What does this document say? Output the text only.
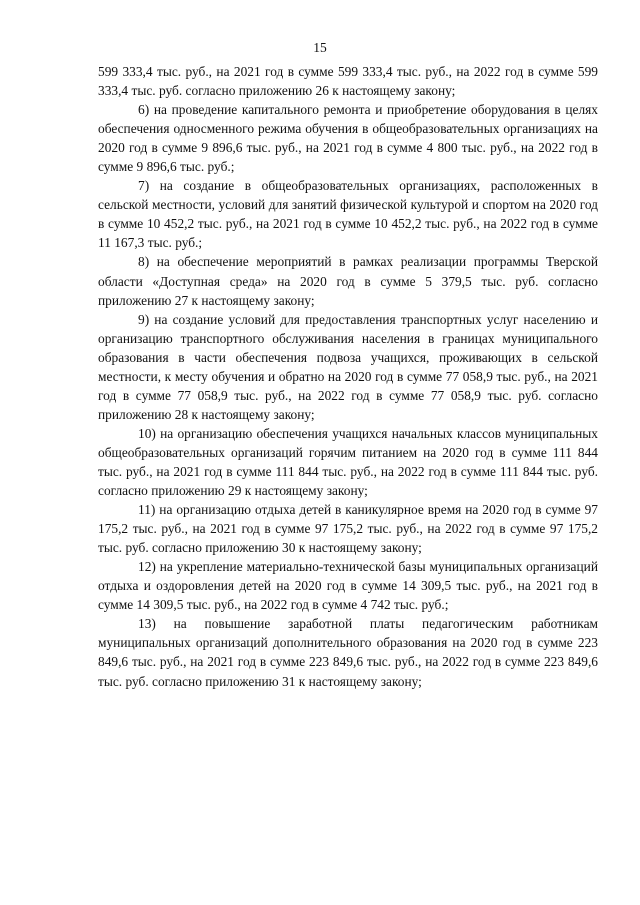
15

599 333,4 тыс. руб., на 2021 год в сумме 599 333,4 тыс. руб., на 2022 год в сумме 599 333,4 тыс. руб. согласно приложению 26 к настоящему закону;

6) на проведение капитального ремонта и приобретение оборудования в целях обеспечения односменного режима обучения в общеобразовательных организациях на 2020 год в сумме 9 896,6 тыс. руб., на 2021 год в сумме 4 800 тыс. руб., на 2022 год в сумме 9 896,6 тыс. руб.;

7) на создание в общеобразовательных организациях, расположенных в сельской местности, условий для занятий физической культурой и спортом на 2020 год в сумме 10 452,2 тыс. руб., на 2021 год в сумме 10 452,2 тыс. руб., на 2022 год в сумме 11 167,3 тыс. руб.;

8) на обеспечение мероприятий в рамках реализации программы Тверской области «Доступная среда» на 2020 год в сумме 5 379,5 тыс. руб. согласно приложению 27 к настоящему закону;

9) на создание условий для предоставления транспортных услуг населению и организацию транспортного обслуживания населения в границах муниципального образования в части обеспечения подвоза учащихся, проживающих в сельской местности, к месту обучения и обратно на 2020 год в сумме 77 058,9 тыс. руб., на 2021 год в сумме 77 058,9 тыс. руб., на 2022 год в сумме 77 058,9 тыс. руб. согласно приложению 28 к настоящему закону;

10) на организацию обеспечения учащихся начальных классов муниципальных общеобразовательных организаций горячим питанием на 2020 год в сумме 111 844 тыс. руб., на 2021 год в сумме 111 844 тыс. руб., на 2022 год в сумме 111 844 тыс. руб. согласно приложению 29 к настоящему закону;

11) на организацию отдыха детей в каникулярное время на 2020 год в сумме 97 175,2 тыс. руб., на 2021 год в сумме 97 175,2 тыс. руб., на 2022 год в сумме 97 175,2 тыс. руб. согласно приложению 30 к настоящему закону;

12) на укрепление материально-технической базы муниципальных организаций отдыха и оздоровления детей на 2020 год в сумме 14 309,5 тыс. руб., на 2021 год в сумме 14 309,5 тыс. руб., на 2022 год в сумме 4 742 тыс. руб.;

13) на повышение заработной платы педагогическим работникам муниципальных организаций дополнительного образования на 2020 год в сумме 223 849,6 тыс. руб., на 2021 год в сумме 223 849,6 тыс. руб., на 2022 год в сумме 223 849,6 тыс. руб. согласно приложению 31 к настоящему закону;
